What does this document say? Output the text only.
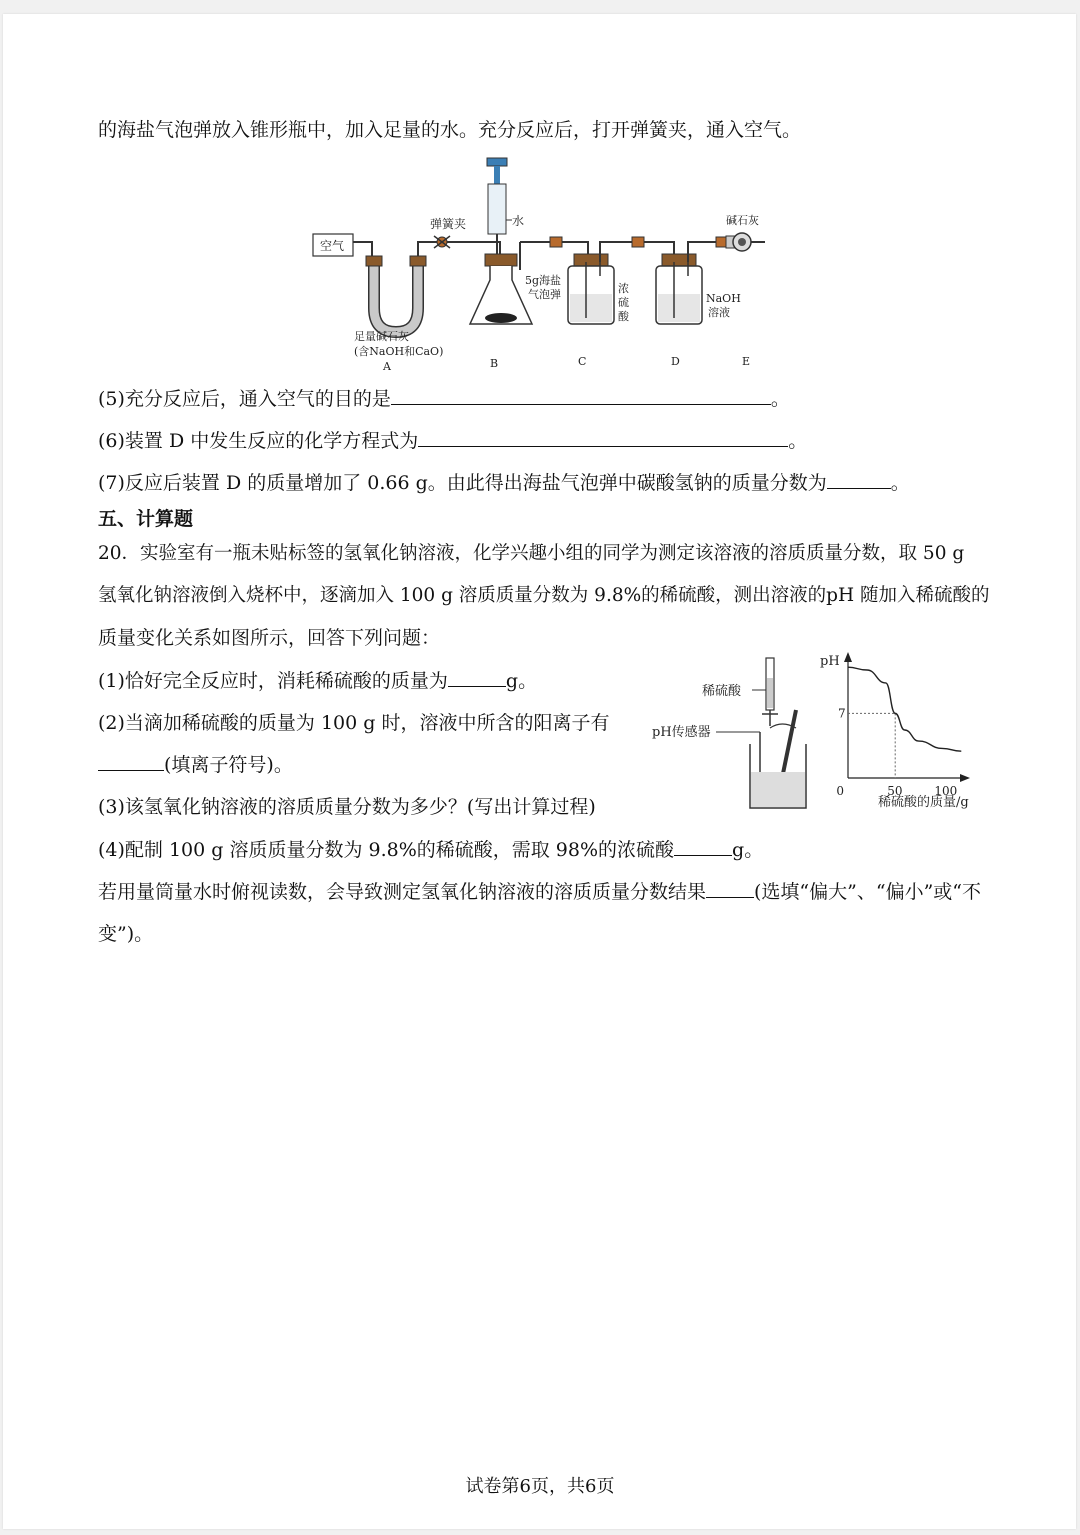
的海盐气泡弹放入锥形瓶中，加入足量的水。充分反应后，打开弹簧夹，通入空气。
空气
弹簧夹	水
5g海盐
气泡弹	浓
硫
酸
NaOH
溶液
碱石灰
足量碱石灰
(含NaOH和CaO)
A	B	C	D	E
(5)充分反应后，通入空气的目的是	。
(6)装置 D 中发生反应的化学方程式为	。
(7)反应后装置 D 的质量增加了 0.66 g。由此得出海盐气泡弹中碳酸氢钠的质量分数为	。
五、计算题
20．实验室有一瓶未贴标签的氢氧化钠溶液，化学兴趣小组的同学为测定该溶液的溶质质量分数，取 50 g
氢氧化钠溶液倒入烧杯中，逐滴加入 100 g 溶质质量分数为 9.8%的稀硫酸，测出溶液的pH 随加入稀硫酸的
质量变化关系如图所示，回答下列问题：
(1)恰好完全反应时，消耗稀硫酸的质量为	g。
(2)当滴加稀硫酸的质量为 100 g 时，溶液中所含的阳离子有
(填离子符号)。
(3)该氢氧化钠溶液的溶质质量分数为多少？(写出计算过程)
(4)配制 100 g 溶质质量分数为 9.8%的稀硫酸，需取 98%的浓硫酸	g。
若用量筒量水时俯视读数，会导致测定氢氧化钠溶液的溶质质量分数结果	(选填“偏大”、“偏小”或“不
变”)。
稀硫酸
pH传感器
pH
稀硫酸的质量/g
0	50	100
7
试卷第6页，共6页
